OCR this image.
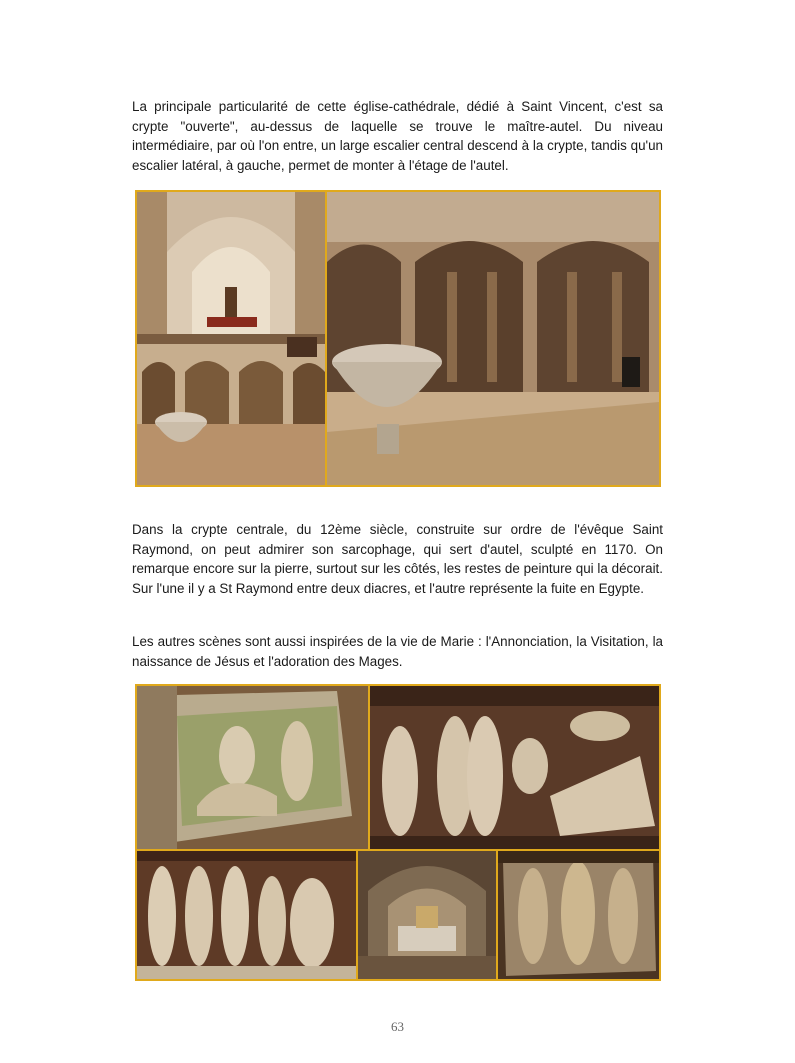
La principale particularité de cette église-cathédrale, dédié à Saint Vincent, c'est sa crypte "ouverte", au-dessus de laquelle se trouve le maître-autel. Du niveau intermédiaire, par où l'on entre, un large escalier central descend à la crypte, tandis qu'un escalier latéral, à gauche, permet de monter à l'étage de l'autel.

Dans la crypte centrale, du 12ème siècle, construite sur ordre de l'évêque Saint Raymond, on peut admirer son sarcophage, qui sert d'autel, sculpté en 1170. On remarque encore sur la pierre, surtout sur les côtés, les restes de peinture qui la décorait. Sur l'une il y a St Raymond entre deux diacres, et l'autre représente la fuite en Egypte.

Les autres scènes sont aussi inspirées de la vie de Marie : l'Annonciation, la Visitation, la naissance de Jésus et l'adoration des Mages.

63
